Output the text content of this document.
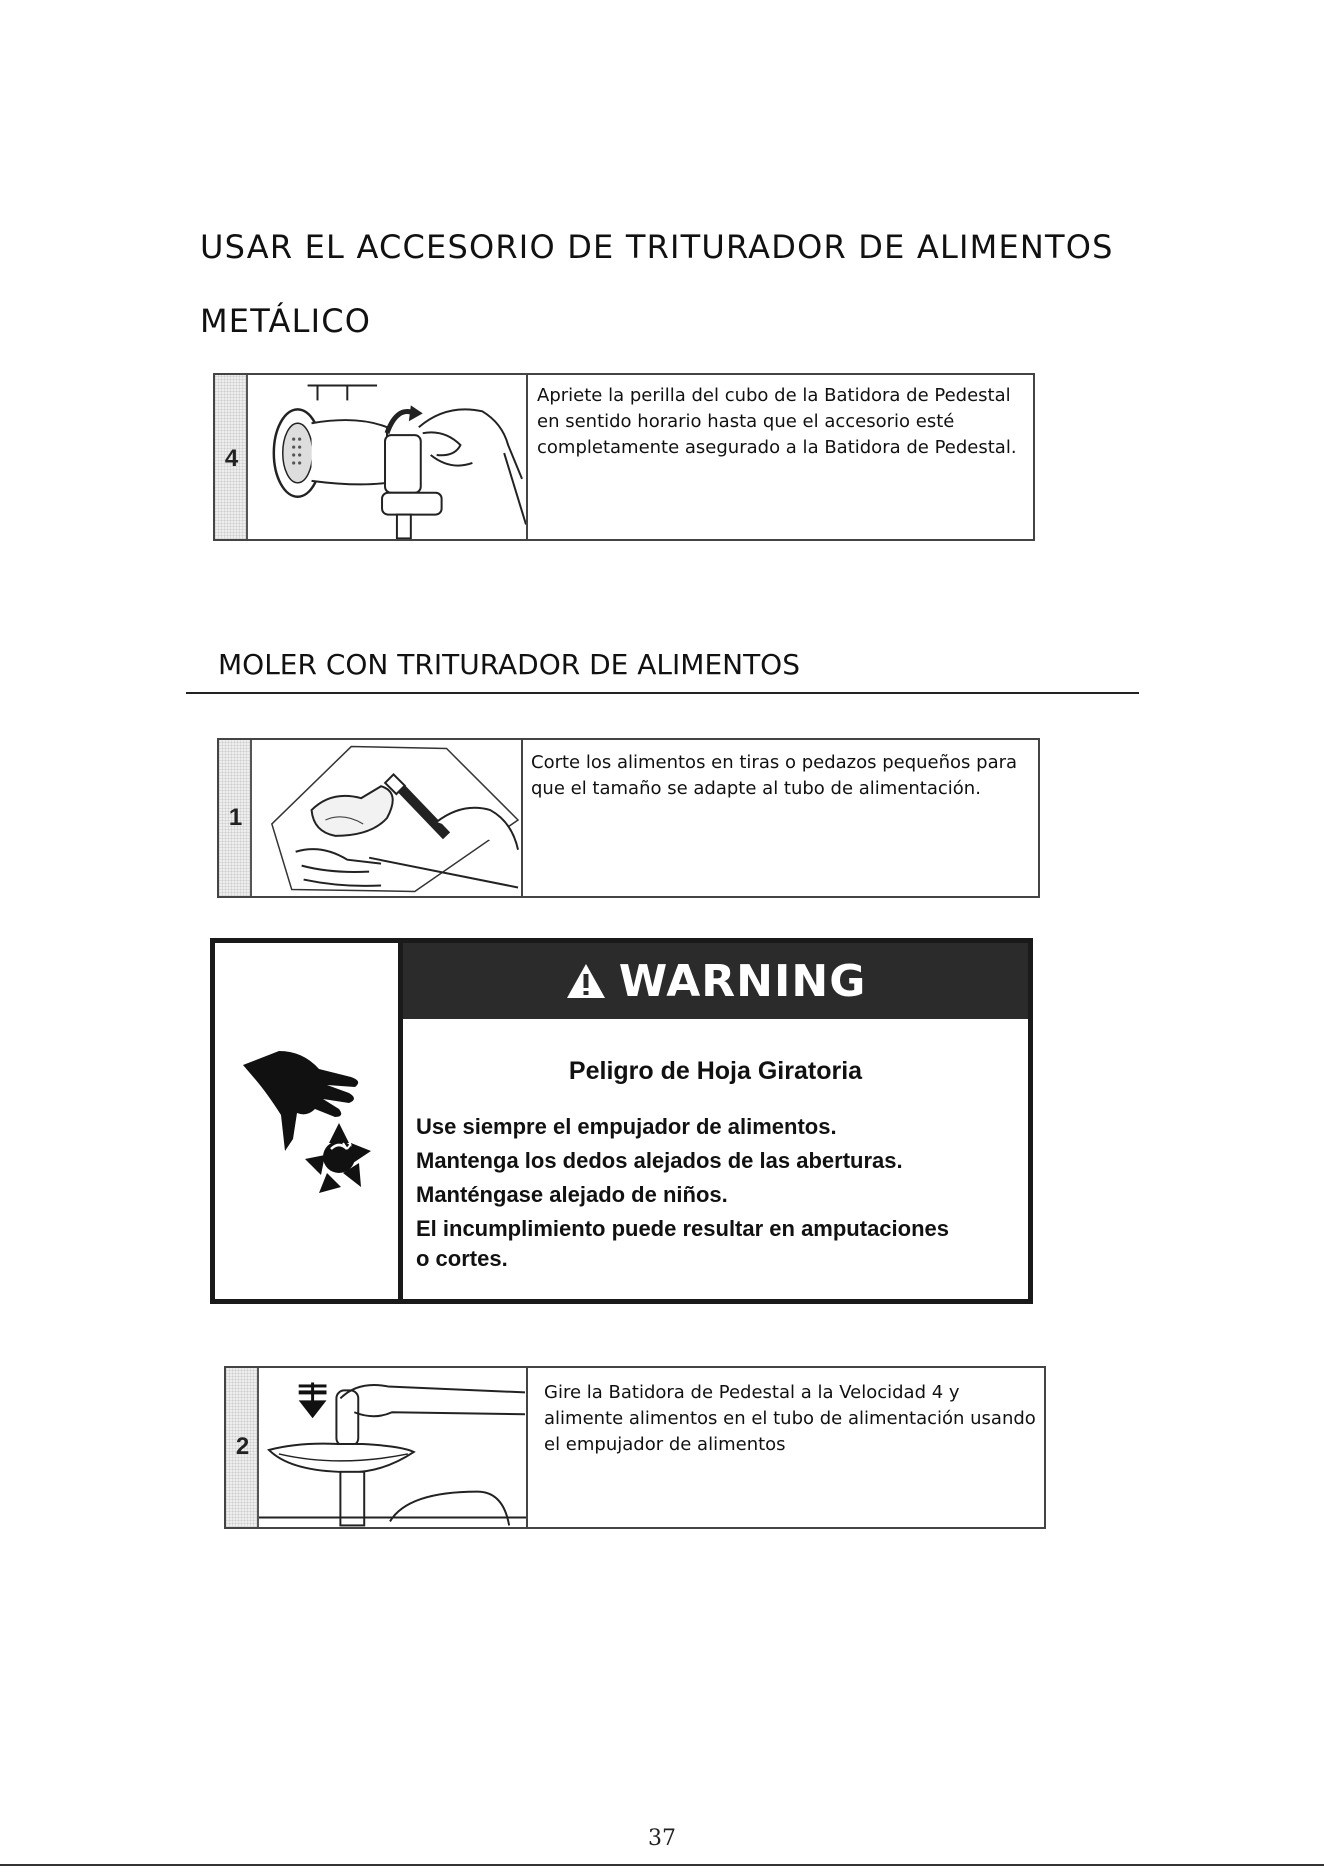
USAR EL ACCESORIO DE TRITURADOR DE ALIMENTOS
METÁLICO
4
Apriete la perilla del cubo de la Batidora de Pedestal
en sentido horario hasta que el accesorio esté
completamente asegurado a la Batidora de Pedestal.
MOLER CON TRITURADOR DE ALIMENTOS
1
Corte los alimentos en tiras o pedazos pequeños para
que el tamaño se adapte al tubo de alimentación.
WARNING
Peligro de Hoja Giratoria
Use siempre el empujador de alimentos.
Mantenga los dedos alejados de las aberturas.
Manténgase alejado de niños.
El incumplimiento puede resultar en amputaciones
o cortes.
2
Gire la Batidora de Pedestal a la Velocidad 4 y
alimente alimentos en el tubo de alimentación usando
el empujador de alimentos
37
